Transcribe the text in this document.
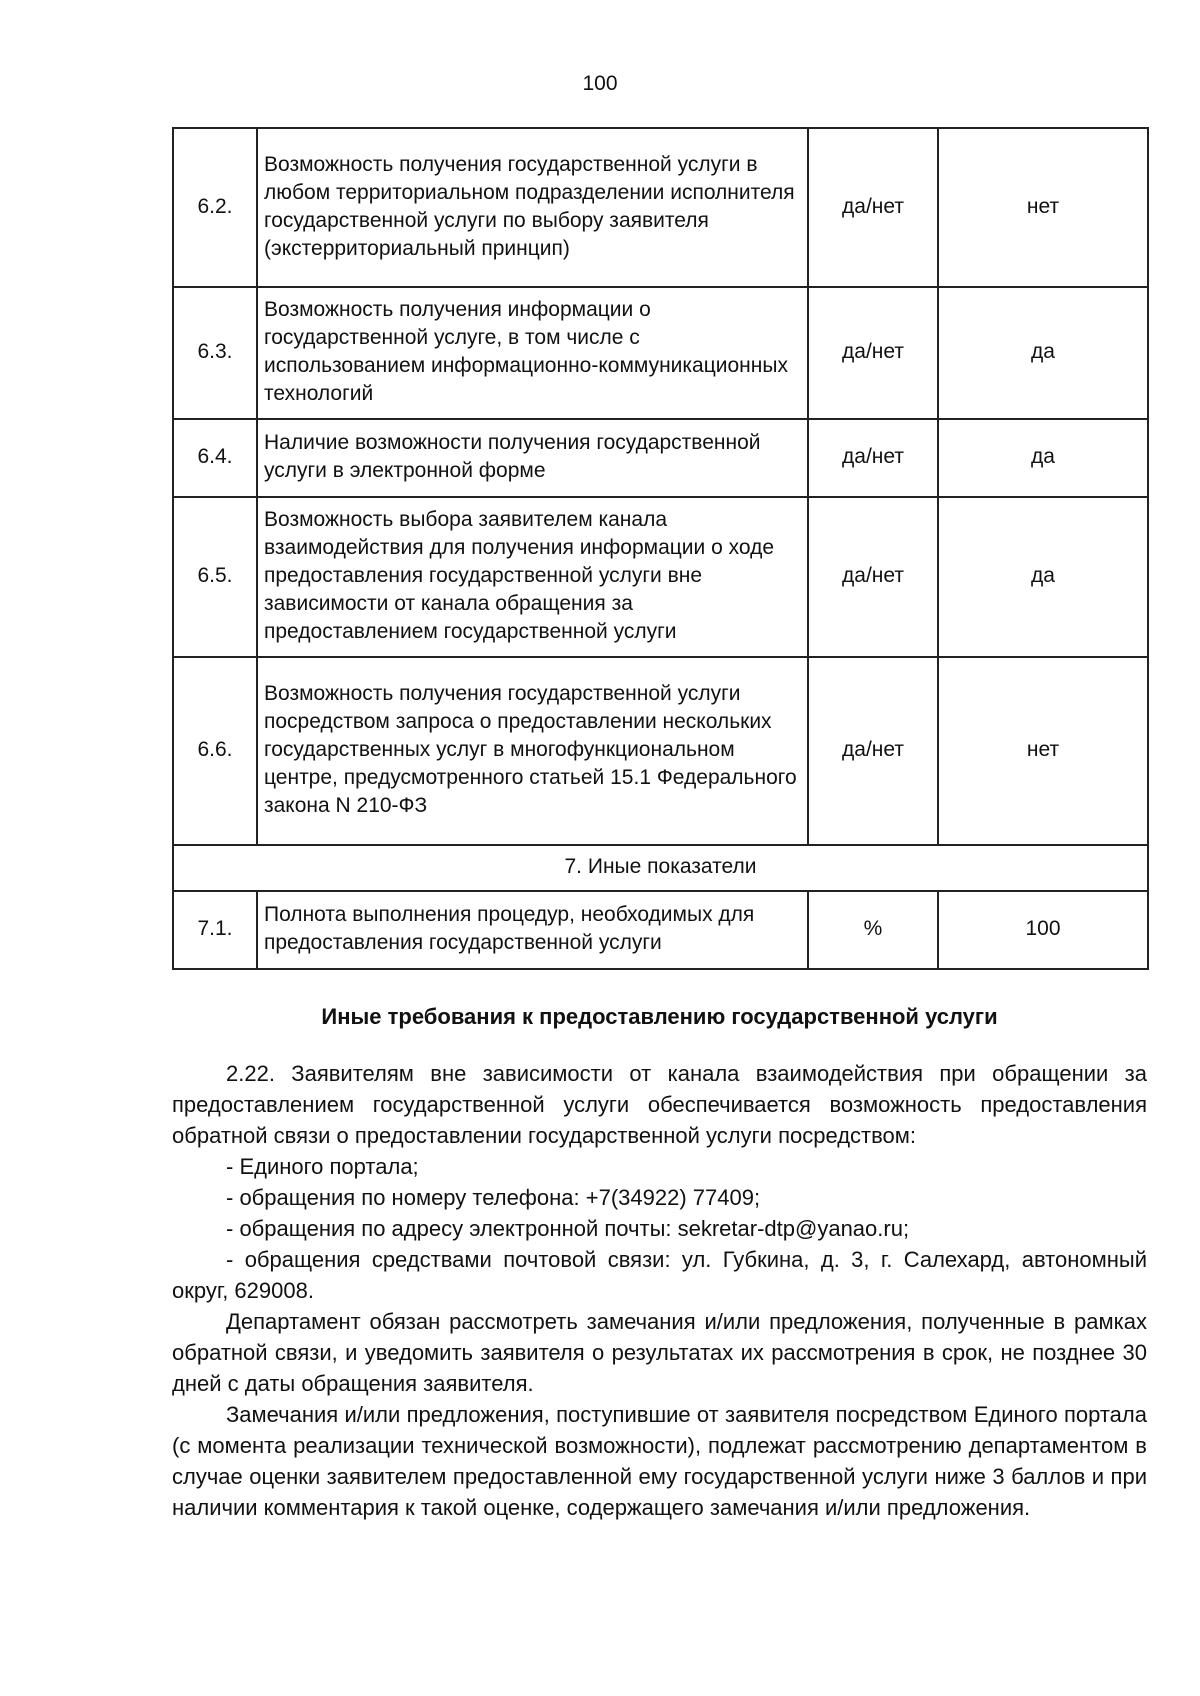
100
6.2.	Возможность получения государственной услуги в любом территориальном подразделении исполнителя государственной услуги по выбору заявителя (экстерриториальный принцип)	да/нет	нет
6.3.	Возможность получения информации о государственной услуге, в том числе с использованием информационно-коммуникационных технологий	да/нет	да
6.4.	Наличие возможности получения государственной услуги в электронной форме	да/нет	да
6.5.	Возможность выбора заявителем канала взаимодействия для получения информации о ходе предоставления государственной услуги вне зависимости от канала обращения за предоставлением государственной услуги	да/нет	да
6.6.	Возможность получения государственной услуги посредством запроса о предоставлении нескольких государственных услуг в многофункциональном центре, предусмотренного статьей 15.1 Федерального закона N 210-ФЗ	да/нет	нет
7. Иные показатели			
7.1.	Полнота выполнения процедур, необходимых для предоставления государственной услуги	%	100
Иные требования к предоставлению государственной услуги

2.22. Заявителям вне зависимости от канала взаимодействия при обращении за предоставлением государственной услуги обеспечивается возможность предоставления обратной связи о предоставлении государственной услуги посредством:

- Единого портала;

- обращения по номеру телефона: +7(34922) 77409;

- обращения по адресу электронной почты: sekretar-dtp@yanao.ru;

- обращения средствами почтовой связи: ул. Губкина, д. 3, г. Салехард, автономный округ, 629008.

Департамент обязан рассмотреть замечания и/или предложения, полученные в рамках обратной связи, и уведомить заявителя о результатах их рассмотрения в срок, не позднее 30 дней с даты обращения заявителя.

Замечания и/или предложения, поступившие от заявителя посредством Единого портала (с момента реализации технической возможности), подлежат рассмотрению департаментом в случае оценки заявителем предоставленной ему государственной услуги ниже 3 баллов и при наличии комментария к такой оценке, содержащего замечания и/или предложения.
